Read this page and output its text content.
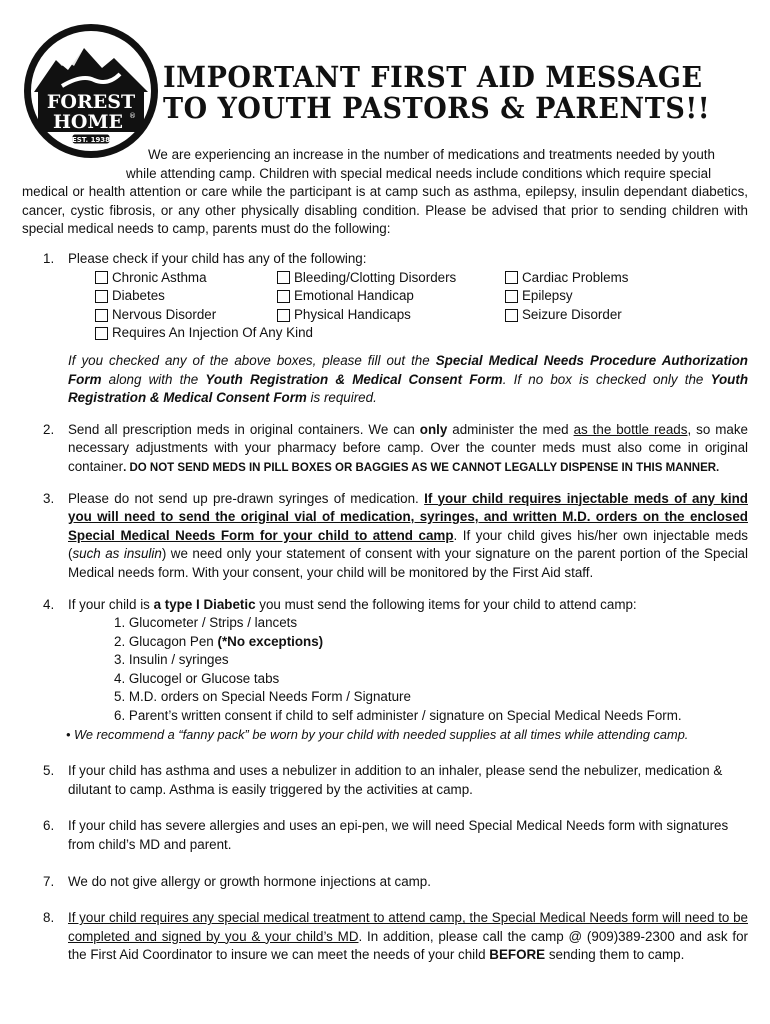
FOREST
HOME ®
EST. 1938
IMPORTANT FIRST AID MESSAGE
TO YOUTH PASTORS & PARENTS!!

We are experiencing an increase in the number of medications and treatments needed by youth

while attending camp. Children with special medical needs include conditions which require special

medical or health attention or care while the participant is at camp such as asthma, epilepsy, insulin dependant diabetics, cancer, cystic fibrosis, or any other physically disabling condition. Please be advised that prior to sending children with special medical needs to camp, parents must do the following:

1. Please check if your child has any of the following:
Chronic Asthma	Bleeding/Clotting Disorders	Cardiac Problems
Diabetes	Emotional Handicap	Epilepsy
Nervous Disorder	Physical Handicaps	Seizure Disorder
Requires An Injection Of Any Kind
If you checked any of the above boxes, please fill out the Special Medical Needs Procedure Authorization Form along with the Youth Registration & Medical Consent Form. If no box is checked only the Youth Registration & Medical Consent Form is required.
2. Send all prescription meds in original containers. We can only administer the med as the bottle reads, so make necessary adjustments with your pharmacy before camp. Over the counter meds must also come in original container. DO NOT SEND MEDS IN PILL BOXES OR BAGGIES AS WE CANNOT LEGALLY DISPENSE IN THIS MANNER.
3. Please do not send up pre-drawn syringes of medication. If your child requires injectable meds of any kind you will need to send the original vial of medication, syringes, and written M.D. orders on the enclosed Special Medical Needs Form for your child to attend camp. If your child gives his/her own injectable meds (such as insulin) we need only your statement of consent with your signature on the parent portion of the Special Medical needs form. With your consent, your child will be monitored by the First Aid staff.
4. If your child is a type I Diabetic you must send the following items for your child to attend camp:
1. Glucometer / Strips / lancets
2. Glucagon Pen (*No exceptions)
3. Insulin / syringes
4. Glucogel or Glucose tabs
5. M.D. orders on Special Needs Form / Signature
6. Parent’s written consent if child to self administer / signature on Special Medical Needs Form.
• We recommend a “fanny pack” be worn by your child with needed supplies at all times while attending camp.
5. If your child has asthma and uses a nebulizer in addition to an inhaler, please send the nebulizer, medication & dilutant to camp. Asthma is easily triggered by the activities at camp.
6. If your child has severe allergies and uses an epi-pen, we will need Special Medical Needs form with signatures from child’s MD and parent.
7. We do not give allergy or growth hormone injections at camp.
8. If your child requires any special medical treatment to attend camp, the Special Medical Needs form will need to be completed and signed by you & your child’s MD. In addition, please call the camp @ (909)389-2300 and ask for the First Aid Coordinator to insure we can meet the needs of your child BEFORE sending them to camp.
